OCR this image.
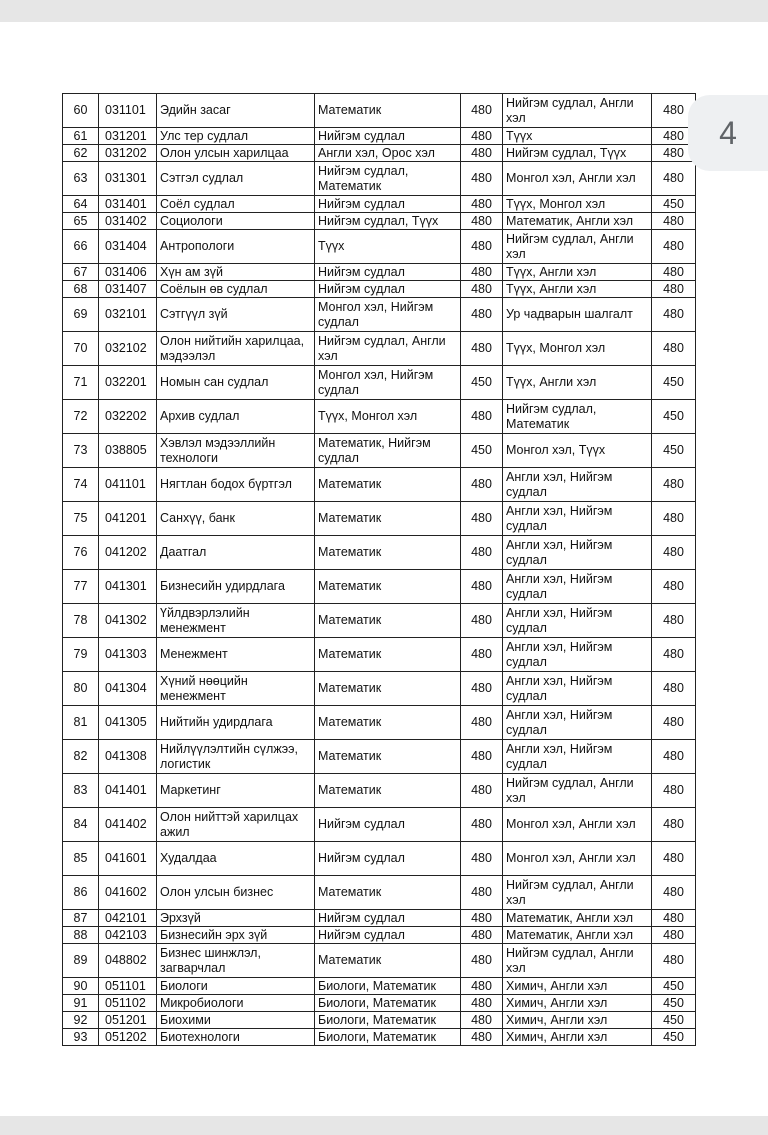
60	031101	Эдийн засаг	Математик	480	Нийгэм судлал, Англи хэл	480
61	031201	Улс тер судлал	Нийгэм судлал	480	Түүх	480
62	031202	Олон улсын харилцаа	Англи хэл, Орос хэл	480	Нийгэм судлал, Түүх	480
63	031301	Сэтгэл судлал	Нийгэм судлал, Математик	480	Монгол хэл, Англи хэл	480
64	031401	Соёл судлал	Нийгэм судлал	480	Түүх, Монгол хэл	450
65	031402	Социологи	Нийгэм судлал, Түүх	480	Математик, Англи хэл	480
66	031404	Антропологи	Түүх	480	Нийгэм судлал, Англи хэл	480
67	031406	Хүн ам зүй	Нийгэм судлал	480	Түүх, Англи хэл	480
68	031407	Соёлын өв судлал	Нийгэм судлал	480	Түүх, Англи хэл	480
69	032101	Сэтгүүл зүй	Монгол хэл, Нийгэм судлал	480	Ур чадварын шалгалт	480
70	032102	Олон нийтийн харилцаа, мэдээлэл	Нийгэм судлал, Англи хэл	480	Түүх, Монгол хэл	480
71	032201	Номын сан судлал	Монгол хэл, Нийгэм судлал	450	Түүх, Англи хэл	450
72	032202	Архив судлал	Түүх, Монгол хэл	480	Нийгэм судлал, Математик	450
73	038805	Хэвлэл мэдээллийн технологи	Математик, Нийгэм судлал	450	Монгол хэл, Түүх	450
74	041101	Нягтлан бодох бүртгэл	Математик	480	Англи хэл, Нийгэм судлал	480
75	041201	Санхүү, банк	Математик	480	Англи хэл, Нийгэм судлал	480
76	041202	Даатгал	Математик	480	Англи хэл, Нийгэм судлал	480
77	041301	Бизнесийн удирдлага	Математик	480	Англи хэл, Нийгэм судлал	480
78	041302	Үйлдвэрлэлийн менежмент	Математик	480	Англи хэл, Нийгэм судлал	480
79	041303	Менежмент	Математик	480	Англи хэл, Нийгэм судлал	480
80	041304	Хүний нөөцийн менежмент	Математик	480	Англи хэл, Нийгэм судлал	480
81	041305	Нийтийн удирдлага	Математик	480	Англи хэл, Нийгэм судлал	480
82	041308	Нийлүүлэлтийн сүлжээ, логистик	Математик	480	Англи хэл, Нийгэм судлал	480
83	041401	Маркетинг	Математик	480	Нийгэм судлал, Англи хэл	480
84	041402	Олон нийттэй харилцах ажил	Нийгэм судлал	480	Монгол хэл, Англи хэл	480
85	041601	Худалдаа	Нийгэм судлал	480	Монгол хэл, Англи хэл	480
86	041602	Олон улсын бизнес	Математик	480	Нийгэм судлал, Англи хэл	480
87	042101	Эрхзүй	Нийгэм судлал	480	Математик, Англи хэл	480
88	042103	Бизнесийн эрх зүй	Нийгэм судлал	480	Математик, Англи хэл	480
89	048802	Бизнес шинжлэл, загварчлал	Математик	480	Нийгэм судлал, Англи хэл	480
90	051101	Биологи	Биологи, Математик	480	Химич, Англи хэл	450
91	051102	Микробиологи	Биологи, Математик	480	Химич, Англи хэл	450
92	051201	Биохими	Биологи, Математик	480	Химич, Англи хэл	450
93	051202	Биотехнологи	Биологи, Математик	480	Химич, Англи хэл	450
4
